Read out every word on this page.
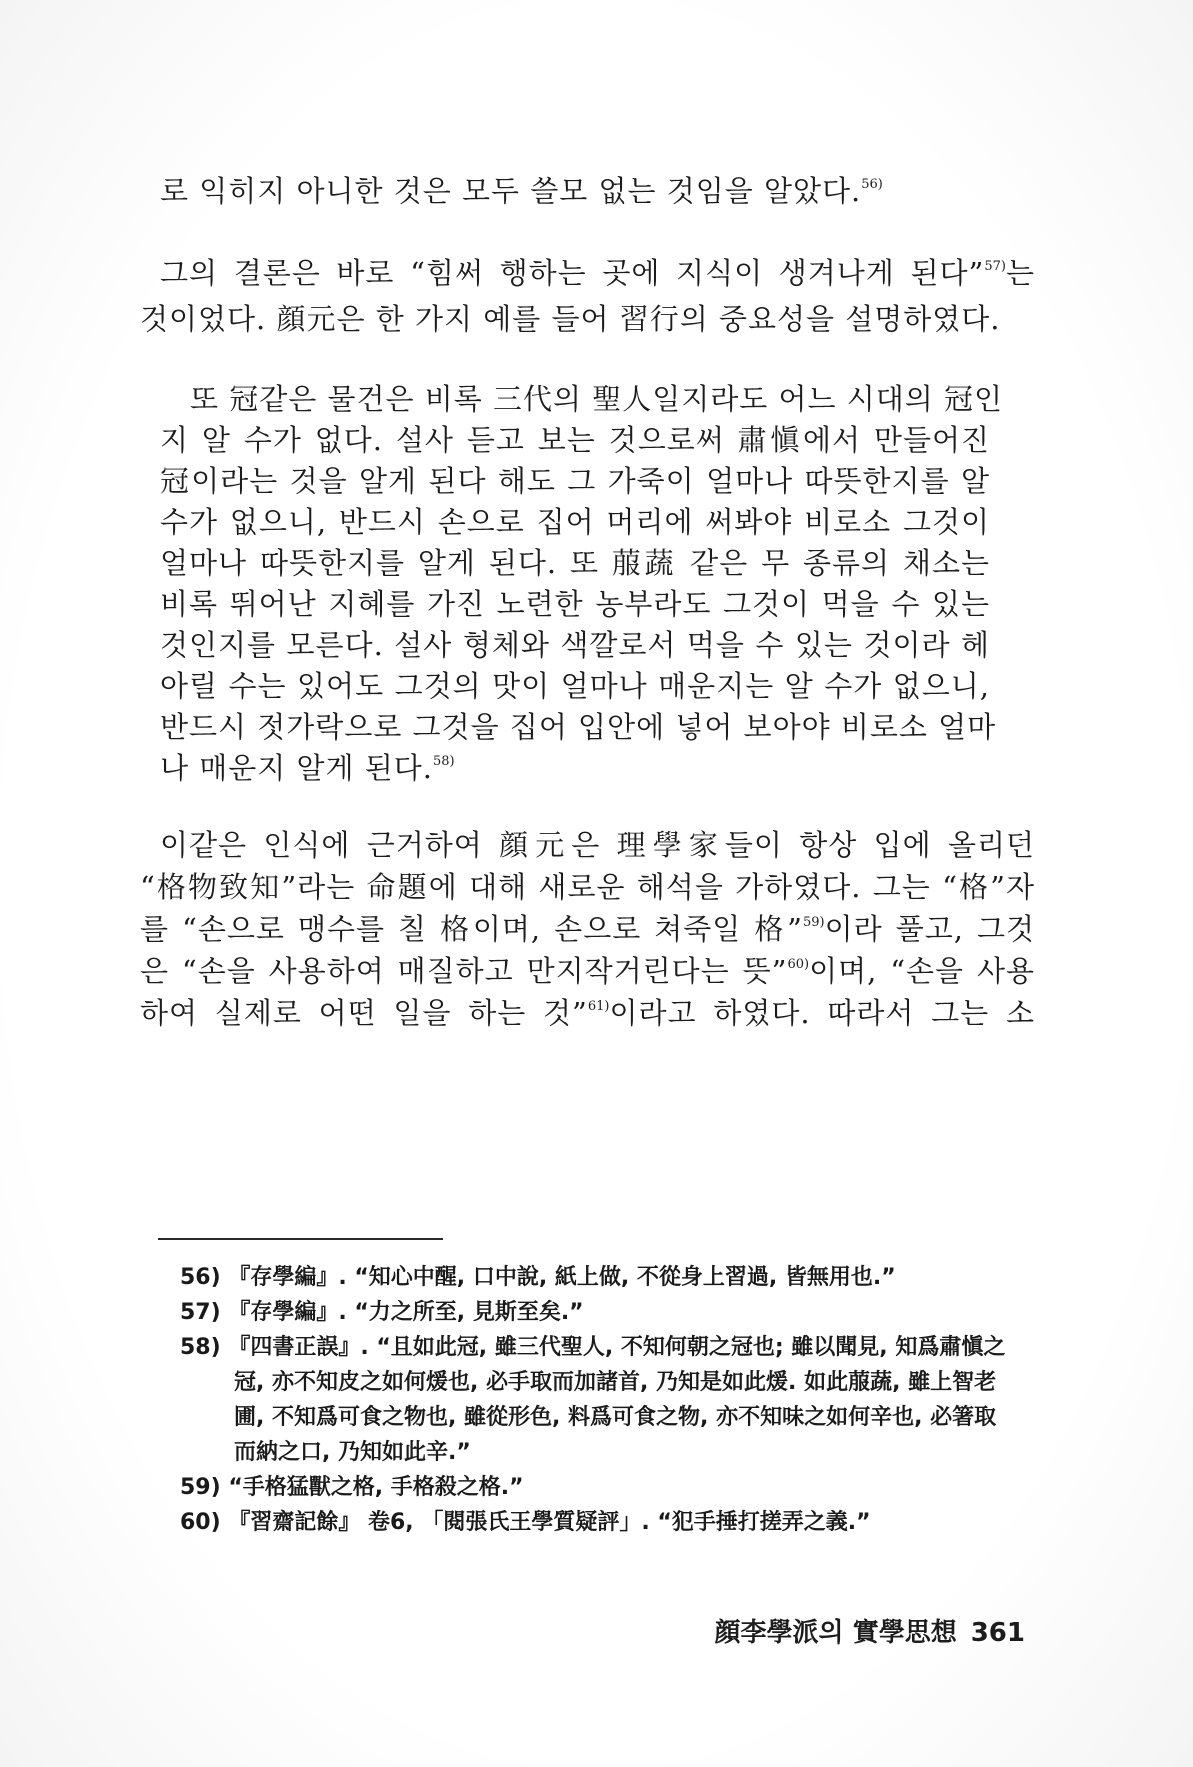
로 익히지 아니한 것은 모두 쓸모 없는 것임을 알았다.$^{56)}$
그의 결론은 바로 “힘써 행하는 곳에 지식이 생겨나게 된다”$^{57)}$는
것이었다. 顔元은 한 가지 예를 들어 習行의 중요성을 설명하였다.
또 冠같은 물건은 비록 三代의 聖人일지라도 어느 시대의 冠인
지 알 수가 없다. 설사 듣고 보는 것으로써 肅愼에서 만들어진
冠이라는 것을 알게 된다 해도 그 가죽이 얼마나 따뜻한지를 알
수가 없으니, 반드시 손으로 집어 머리에 써봐야 비로소 그것이
얼마나 따뜻한지를 알게 된다. 또 菔蔬 같은 무 종류의 채소는
비록 뛰어난 지혜를 가진 노련한 농부라도 그것이 먹을 수 있는
것인지를 모른다. 설사 형체와 색깔로서 먹을 수 있는 것이라 헤
아릴 수는 있어도 그것의 맛이 얼마나 매운지는 알 수가 없으니,
반드시 젓가락으로 그것을 집어 입안에 넣어 보아야 비로소 얼마
나 매운지 알게 된다.$^{58)}$
이같은 인식에 근거하여 顔元은 理學家들이 항상 입에 올리던
“格物致知”라는 命題에 대해 새로운 해석을 가하였다. 그는 “格”자
를 “손으로 맹수를 칠 格이며, 손으로 쳐죽일 格”$^{59)}$이라 풀고, 그것
은 “손을 사용하여 매질하고 만지작거린다는 뜻”$^{60)}$이며, “손을 사용
하여 실제로 어떤 일을 하는 것”$^{61)}$이라고 하였다. 따라서 그는 소
56) 『存學編』. “知心中醒, 口中說, 紙上做, 不從身上習過, 皆無用也.”
57) 『存學編』. “力之所至, 見斯至矣.”
58) 『四書正誤』. “且如此冠, 雖三代聖人, 不知何朝之冠也; 雖以聞見, 知爲肅愼之
冠, 亦不知皮之如何煖也, 必手取而加諸首, 乃知是如此煖. 如此菔蔬, 雖上智老
圃, 不知爲可食之物也, 雖從形色, 料爲可食之物, 亦不知味之如何辛也, 必箸取
而納之口, 乃知如此辛.”
59) “手格猛獸之格, 手格殺之格.”
60) 『習齋記餘』 卷6, 「閱張氏王學質疑評」. “犯手捶打搓弄之義.”
顔李學派의 實學思想 361
